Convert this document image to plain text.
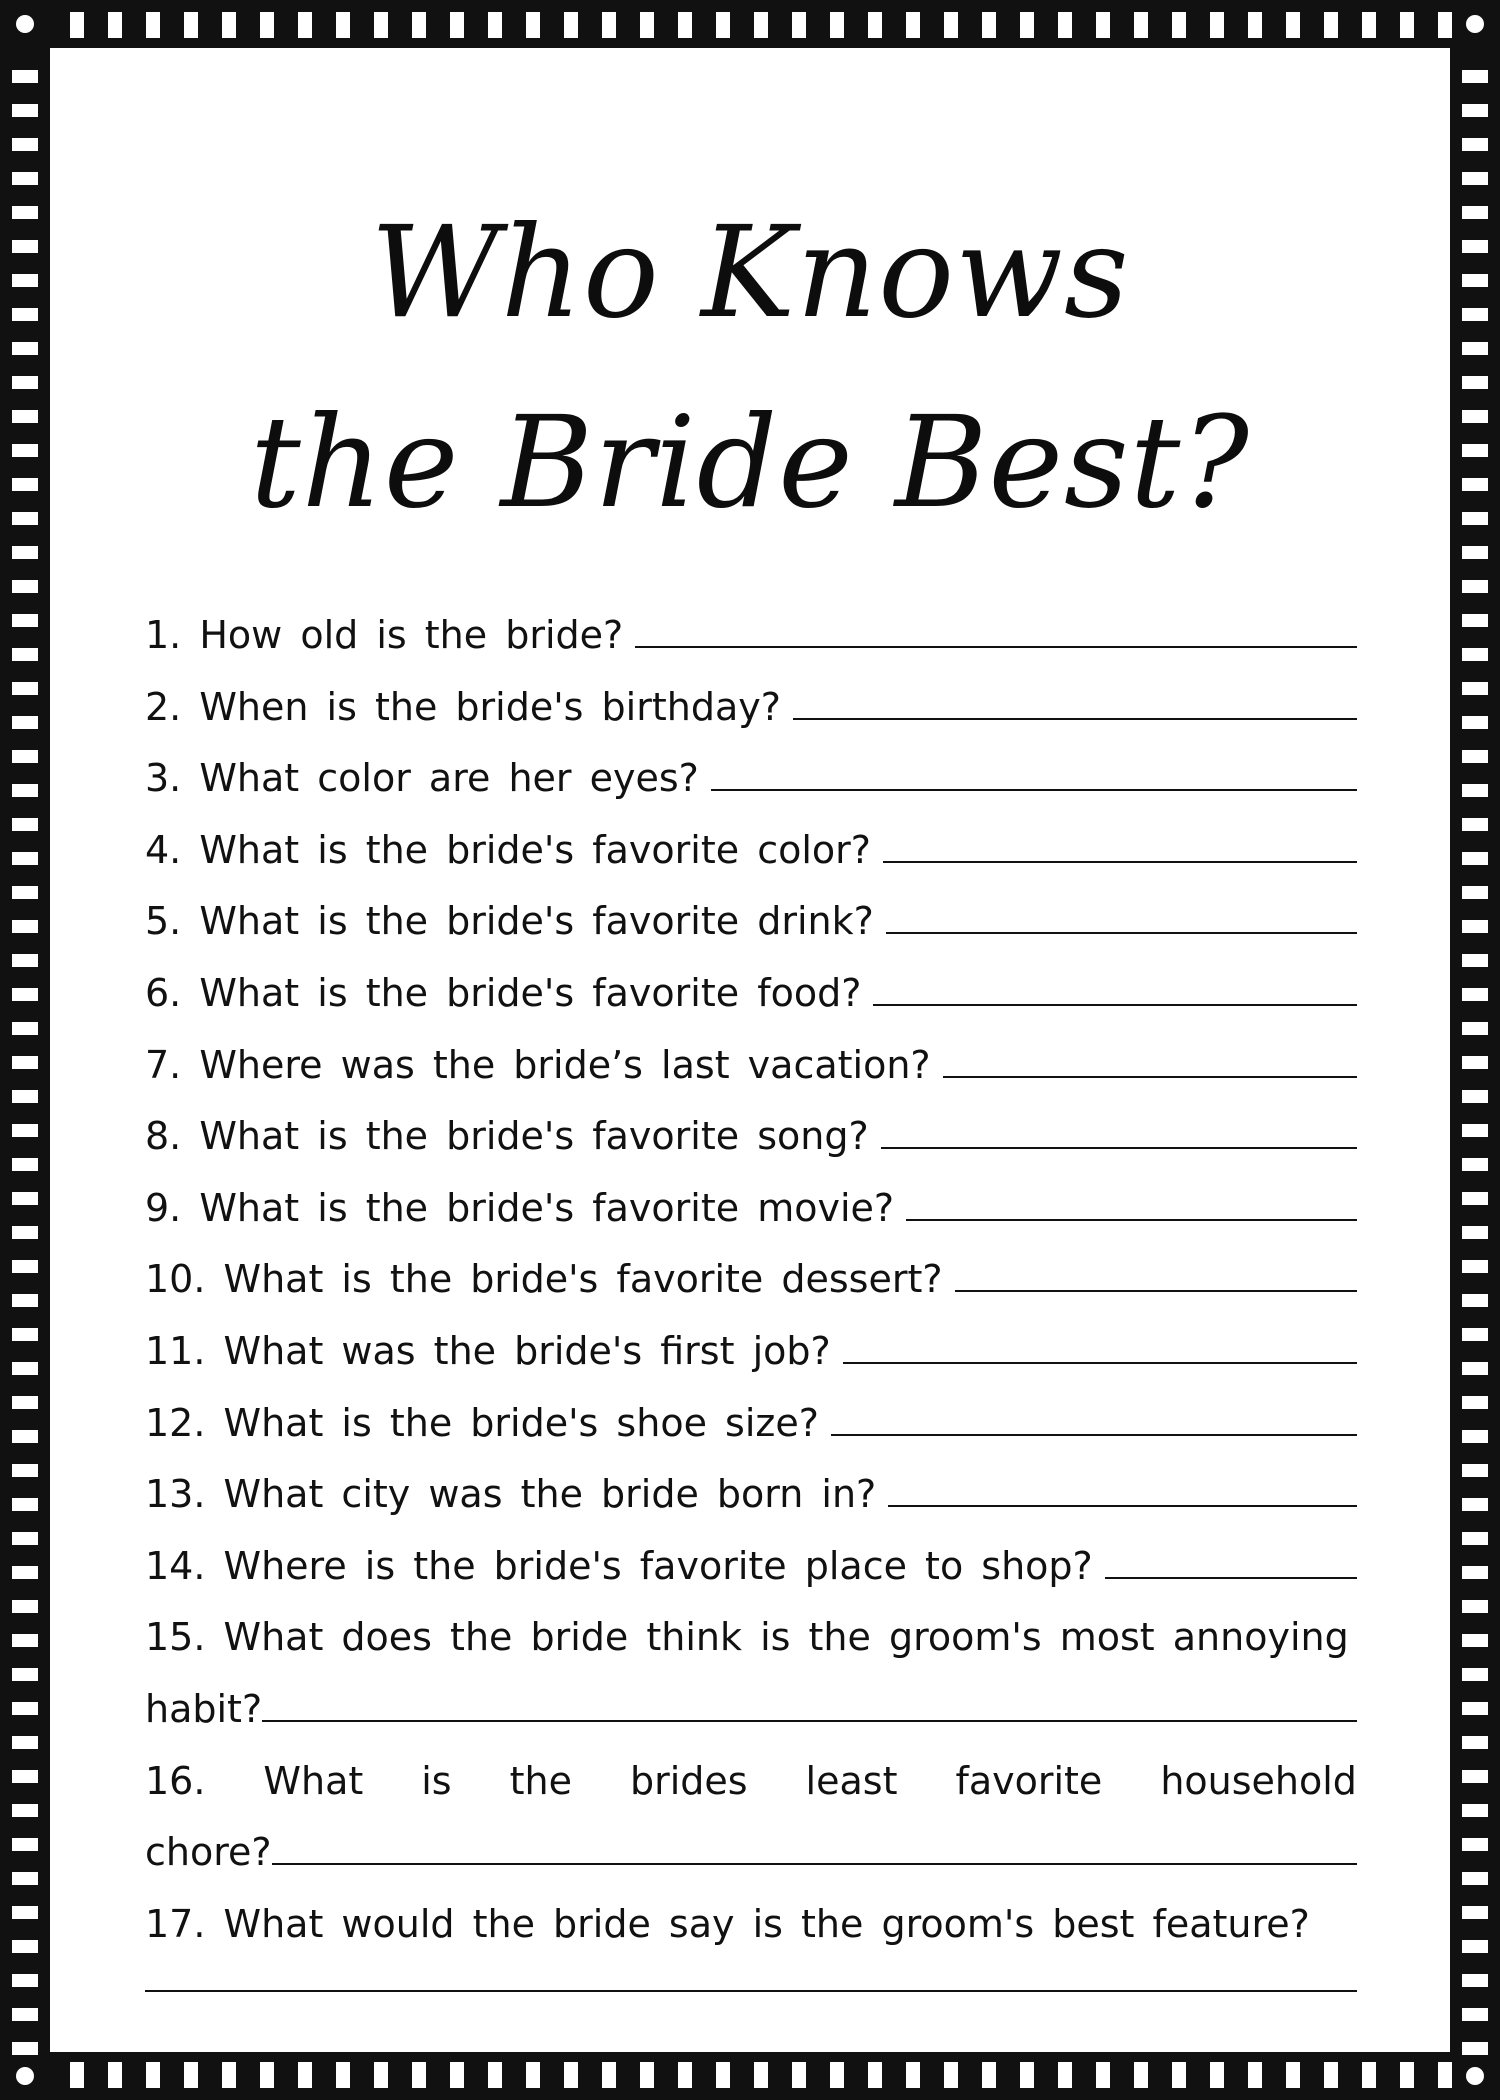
Who Knows
the Bride Best?
1. How old is the bride?
2. When is the bride's birthday?
3. What color are her eyes?
4. What is the bride's favorite color?
5. What is the bride's favorite drink?
6. What is the bride's favorite food?
7. Where was the bride’s last vacation?
8. What is the bride's favorite song?
9. What is the bride's favorite movie?
10. What is the bride's favorite dessert?
11. What was the bride's first job?
12. What is the bride's shoe size?
13. What city was the bride born in?
14. Where is the bride's favorite place to shop?
15. What does the bride think is the groom's most annoying
habit?
16. What is the brides least favorite household
chore?
17. What would the bride say is the groom's best feature?
